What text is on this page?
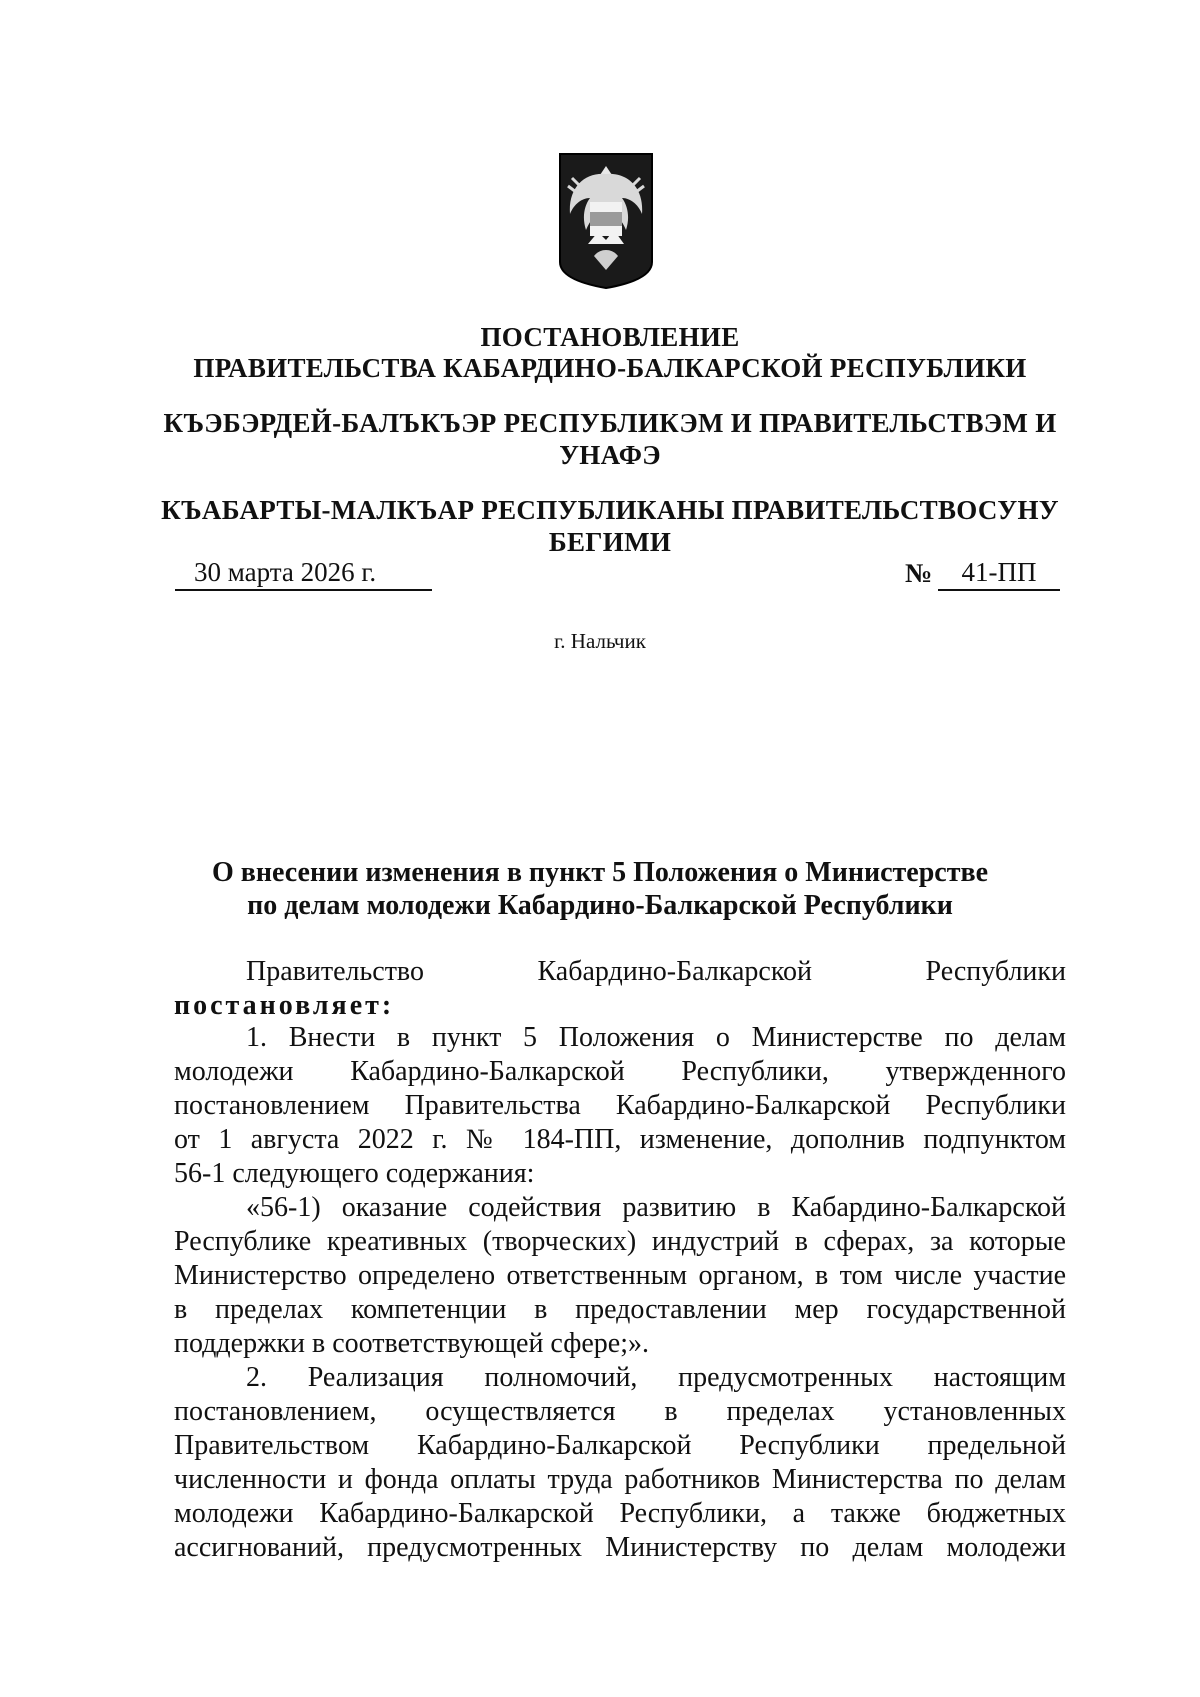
ПОСТАНОВЛЕНИЕ
ПРАВИТЕЛЬСТВА КАБАРДИНО-БАЛКАРСКОЙ РЕСПУБЛИКИ
КЪЭБЭРДЕЙ-БАЛЪКЪЭР РЕСПУБЛИКЭМ И ПРАВИТЕЛЬСТВЭМ И
УНАФЭ
КЪАБАРТЫ-МАЛКЪАР РЕСПУБЛИКАНЫ ПРАВИТЕЛЬСТВОСУНУ
БЕГИМИ
30 марта 2026 г.	№	41-ПП
г. Нальчик
О внесении изменения в пункт 5 Положения о Министерстве
по делам молодежи Кабардино-Балкарской Республики
Правительство Кабардино-Балкарской Республики
постановляет:
1. Внести в пункт 5 Положения о Министерстве по делам
молодежи Кабардино-Балкарской Республики, утвержденного
постановлением Правительства Кабардино-Балкарской Республики
от 1 августа 2022 г. № 184-ПП, изменение, дополнив подпунктом
56-1 следующего содержания:
«56-1) оказание содействия развитию в Кабардино-Балкарской
Республике креативных (творческих) индустрий в сферах, за которые
Министерство определено ответственным органом, в том числе участие
в пределах компетенции в предоставлении мер государственной
поддержки в соответствующей сфере;».
2. Реализация полномочий, предусмотренных настоящим
постановлением, осуществляется в пределах установленных
Правительством Кабардино-Балкарской Республики предельной
численности и фонда оплаты труда работников Министерства по делам
молодежи Кабардино-Балкарской Республики, а также бюджетных
ассигнований, предусмотренных Министерству по делам молодежи
